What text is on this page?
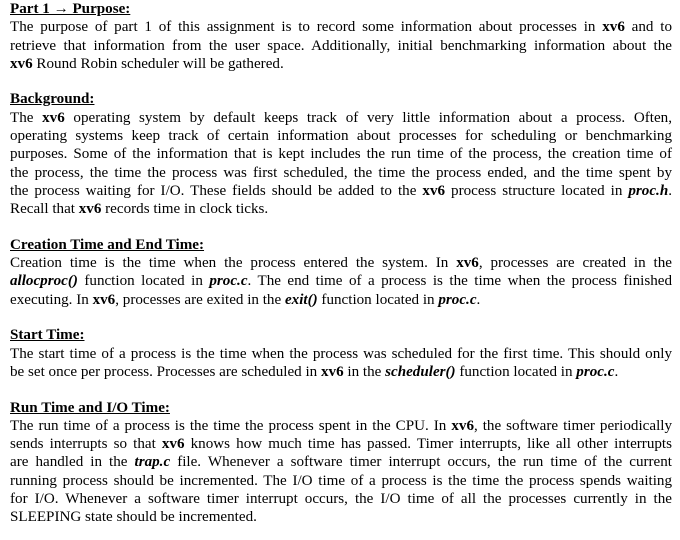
Part 1 → Purpose:
The purpose of part 1 of this assignment is to record some information about processes in xv6 and to
retrieve that information from the user space. Additionally, initial benchmarking information about the
xv6 Round Robin scheduler will be gathered.
Background:
The xv6 operating system by default keeps track of very little information about a process. Often,
operating systems keep track of certain information about processes for scheduling or benchmarking
purposes. Some of the information that is kept includes the run time of the process, the creation time of
the process, the time the process was first scheduled, the time the process ended, and the time spent by
the process waiting for I/O. These fields should be added to the xv6 process structure located in proc.h.
Recall that xv6 records time in clock ticks.
Creation Time and End Time:
Creation time is the time when the process entered the system. In xv6, processes are created in the
allocproc() function located in proc.c. The end time of a process is the time when the process finished
executing. In xv6, processes are exited in the exit() function located in proc.c.
Start Time:
The start time of a process is the time when the process was scheduled for the first time. This should only
be set once per process. Processes are scheduled in xv6 in the scheduler() function located in proc.c.
Run Time and I/O Time:
The run time of a process is the time the process spent in the CPU. In xv6, the software timer periodically
sends interrupts so that xv6 knows how much time has passed. Timer interrupts, like all other interrupts
are handled in the trap.c file. Whenever a software timer interrupt occurs, the run time of the current
running process should be incremented. The I/O time of a process is the time the process spends waiting
for I/O. Whenever a software timer interrupt occurs, the I/O time of all the processes currently in the
SLEEPING state should be incremented.
